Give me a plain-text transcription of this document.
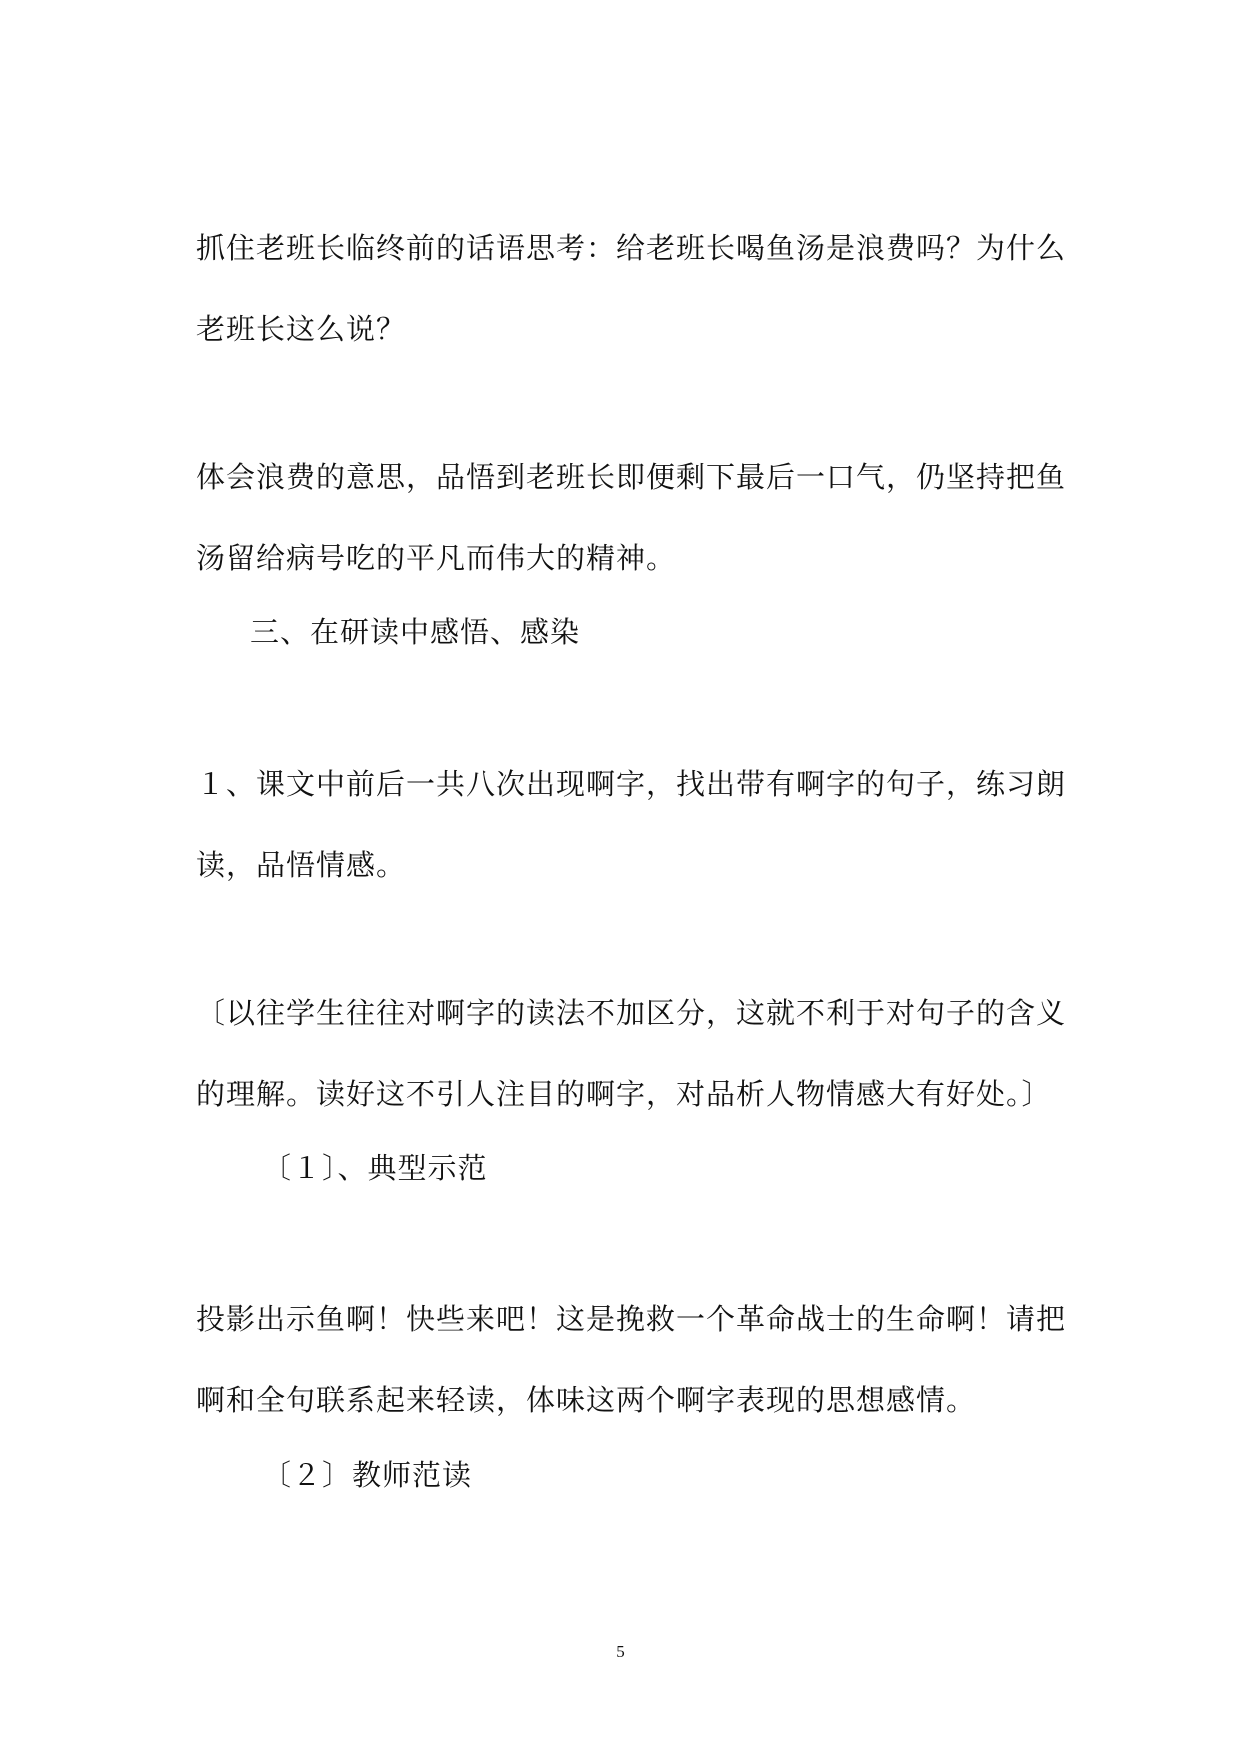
抓住老班长临终前的话语思考：给老班长喝鱼汤是浪费吗？为什么
老班长这么说？
体会浪费的意思，品悟到老班长即便剩下最后一口气，仍坚持把鱼
汤留给病号吃的平凡而伟大的精神。
三、在研读中感悟、感染
１、课文中前后一共八次出现啊字，找出带有啊字的句子，练习朗
读，品悟情感。
〔以往学生往往对啊字的读法不加区分，这就不利于对句子的含义
的理解。读好这不引人注目的啊字，对品析人物情感大有好处。〕
〔１〕、典型示范
投影出示鱼啊！快些来吧！这是挽救一个革命战士的生命啊！请把
啊和全句联系起来轻读，体味这两个啊字表现的思想感情。
〔２〕教师范读
5
